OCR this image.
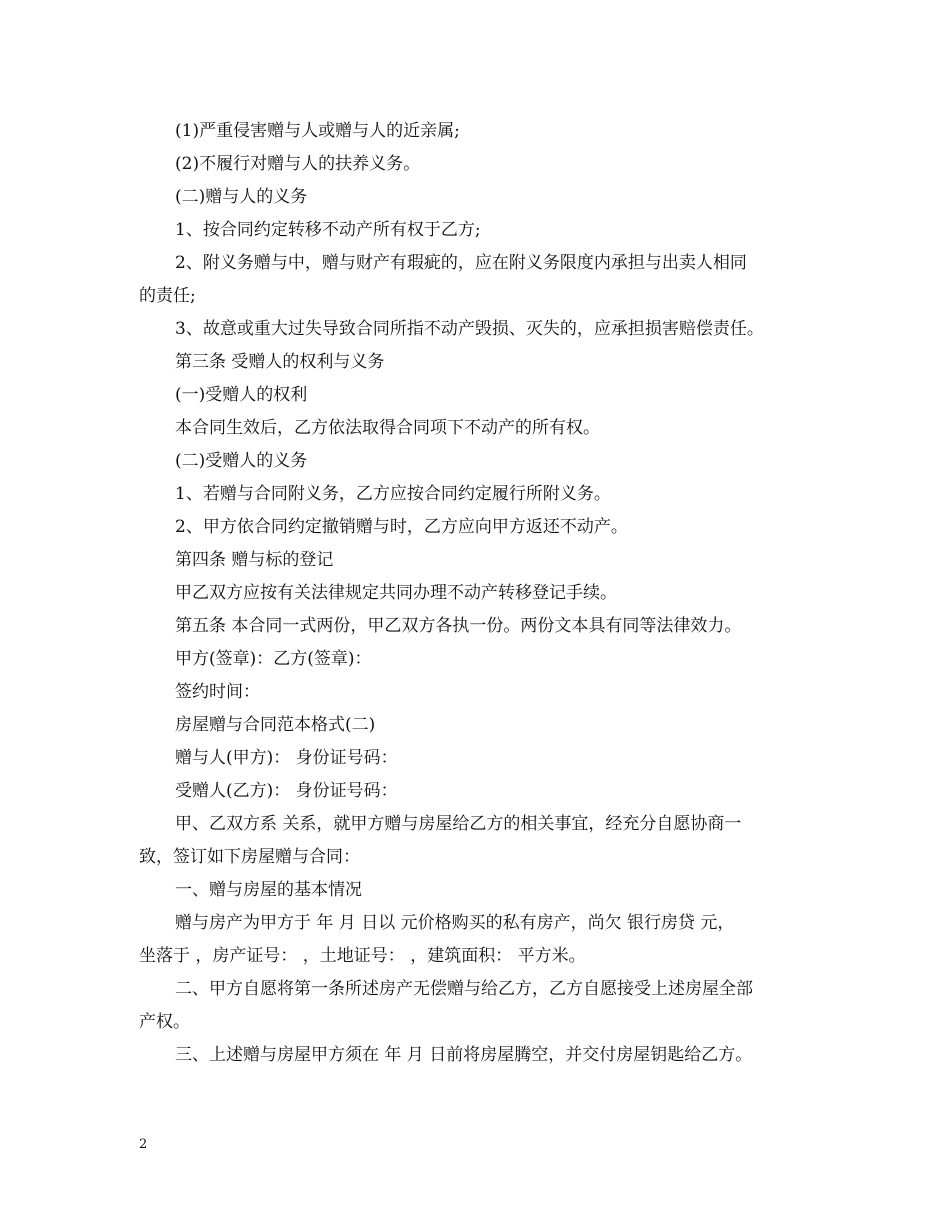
(1)严重侵害赠与人或赠与人的近亲属;

(2)不履行对赠与人的扶养义务。

(二)赠与人的义务

1、按合同约定转移不动产所有权于乙方;

2、附义务赠与中，赠与财产有瑕疵的，应在附义务限度内承担与出卖人相同

的责任;

3、故意或重大过失导致合同所指不动产毁损、灭失的，应承担损害赔偿责任。

第三条 受赠人的权利与义务

(一)受赠人的权利

本合同生效后，乙方依法取得合同项下不动产的所有权。

(二)受赠人的义务

1、若赠与合同附义务，乙方应按合同约定履行所附义务。

2、甲方依合同约定撤销赠与时，乙方应向甲方返还不动产。

第四条 赠与标的登记

甲乙双方应按有关法律规定共同办理不动产转移登记手续。

第五条 本合同一式两份，甲乙双方各执一份。两份文本具有同等法律效力。

甲方(签章)：乙方(签章)：

签约时间：

房屋赠与合同范本格式(二)

赠与人(甲方)： 身份证号码：

受赠人(乙方)： 身份证号码：

甲、乙双方系 关系，就甲方赠与房屋给乙方的相关事宜，经充分自愿协商一

致，签订如下房屋赠与合同：

一、赠与房屋的基本情况

赠与房产为甲方于 年 月 日以 元价格购买的私有房产，尚欠 银行房贷 元，

坐落于 ，房产证号： ，土地证号： ，建筑面积： 平方米。

二、甲方自愿将第一条所述房产无偿赠与给乙方，乙方自愿接受上述房屋全部

产权。

三、上述赠与房屋甲方须在 年 月 日前将房屋腾空，并交付房屋钥匙给乙方。

2
